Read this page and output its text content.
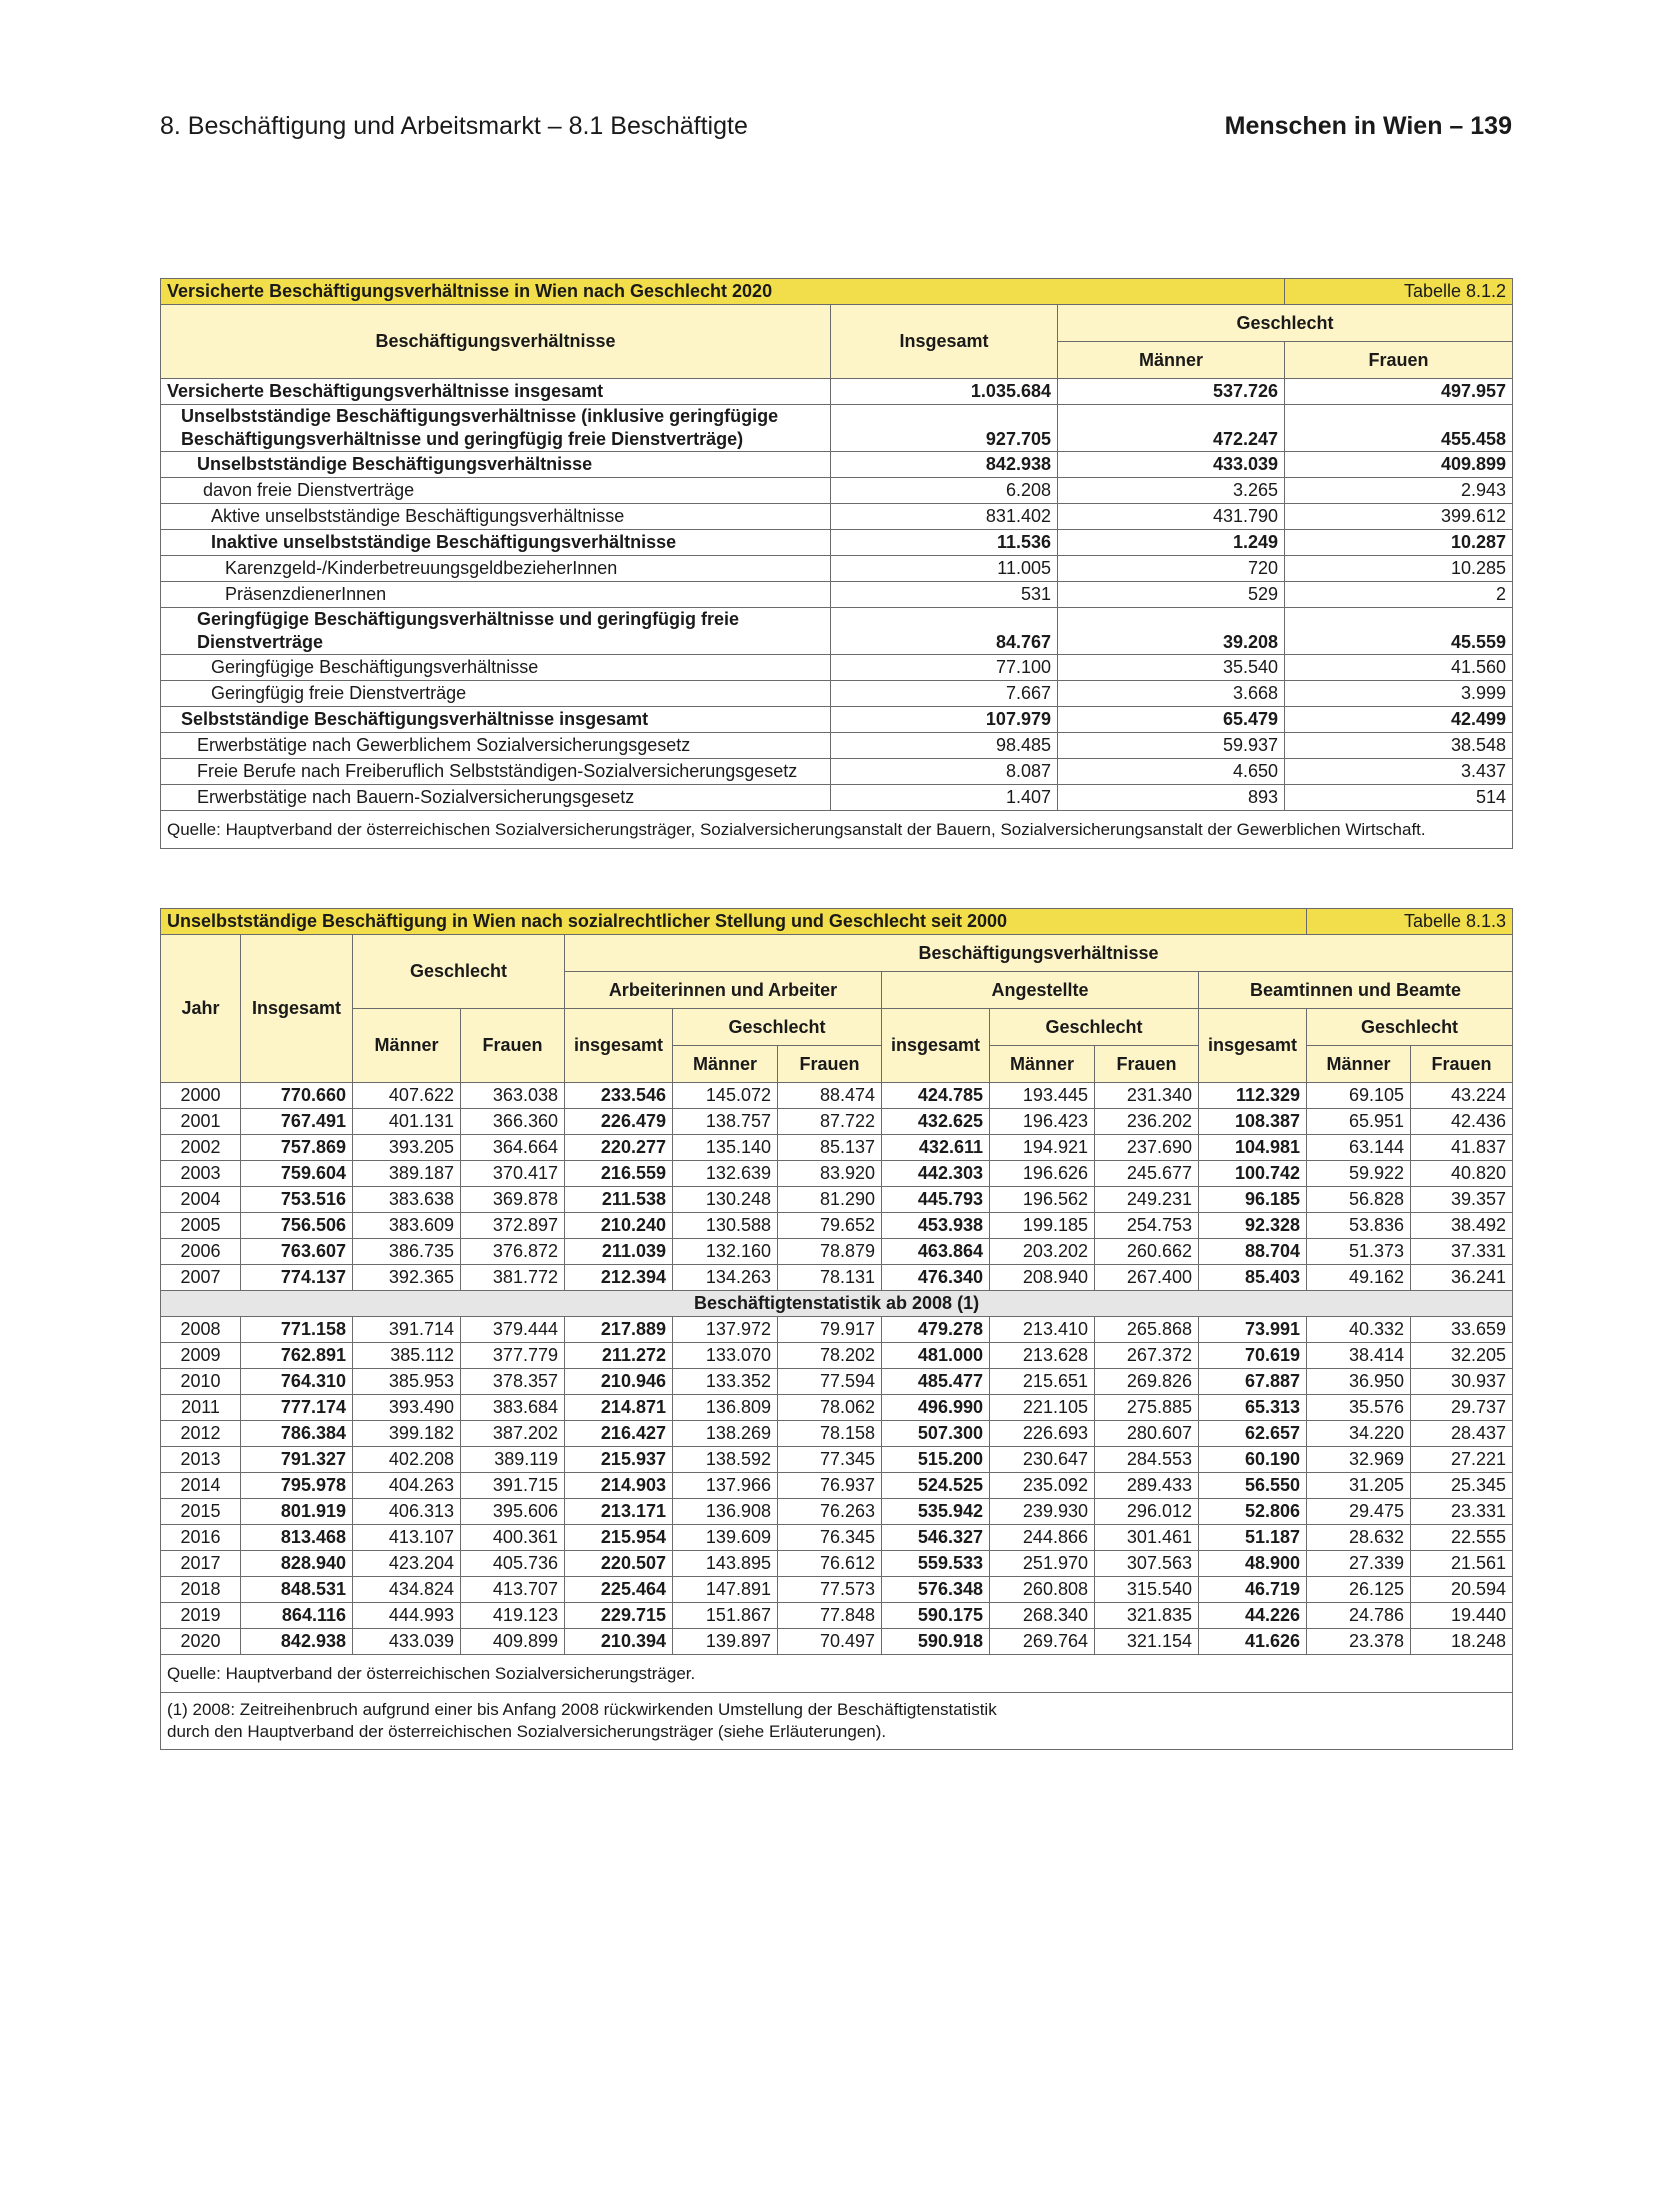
8. Beschäftigung und Arbeitsmarkt – 8.1 Beschäftigte	Menschen in Wien – 139
Versicherte Beschäftigungsverhältnisse in Wien nach Geschlecht 2020			Tabelle 8.1.2
Beschäftigungsverhältnisse	Insgesamt	Geschlecht	
		Männer	Frauen
Versicherte Beschäftigungsverhältnisse insgesamt	1.035.684	537.726	497.957
Unselbstständige Beschäftigungsverhältnisse (inklusive geringfügige Beschäftigungsverhältnisse und geringfügig freie Dienstverträge)	927.705	472.247	455.458
Unselbstständige Beschäftigungsverhältnisse	842.938	433.039	409.899
davon freie Dienstverträge	6.208	3.265	2.943
Aktive unselbstständige Beschäftigungsverhältnisse	831.402	431.790	399.612
Inaktive unselbstständige Beschäftigungsverhältnisse	11.536	1.249	10.287
Karenzgeld-/KinderbetreuungsgeldbezieherInnen	11.005	720	10.285
PräsenzdienerInnen	531	529	2
Geringfügige Beschäftigungsverhältnisse und geringfügig freie Dienstverträge	84.767	39.208	45.559
Geringfügige Beschäftigungsverhältnisse	77.100	35.540	41.560
Geringfügig freie Dienstverträge	7.667	3.668	3.999
Selbstständige Beschäftigungsverhältnisse insgesamt	107.979	65.479	42.499
Erwerbstätige nach Gewerblichem Sozialversicherungsgesetz	98.485	59.937	38.548
Freie Berufe nach Freiberuflich Selbstständigen-Sozialversicherungsgesetz	8.087	4.650	3.437
Erwerbstätige nach Bauern-Sozialversicherungsgesetz	1.407	893	514
Quelle: Hauptverband der österreichischen Sozialversicherungsträger, Sozialversicherungsanstalt der Bauern, Sozialversicherungsanstalt der Gewerblichen Wirtschaft.			
Unselbstständige Beschäftigung in Wien nach sozialrechtlicher Stellung und Geschlecht seit 2000											Tabelle 8.1.3	
Jahr	Insgesamt	Geschlecht		Beschäftigungsverhältnisse								
				Arbeiterinnen und Arbeiter			Angestellte			Beamtinnen und Beamte		
		Männer	Frauen	insgesamt	Geschlecht		insgesamt	Geschlecht		insgesamt	Geschlecht	
					Männer	Frauen		Männer	Frauen		Männer	Frauen
2000	770.660	407.622	363.038	233.546	145.072	88.474	424.785	193.445	231.340	112.329	69.105	43.224
2001	767.491	401.131	366.360	226.479	138.757	87.722	432.625	196.423	236.202	108.387	65.951	42.436
2002	757.869	393.205	364.664	220.277	135.140	85.137	432.611	194.921	237.690	104.981	63.144	41.837
2003	759.604	389.187	370.417	216.559	132.639	83.920	442.303	196.626	245.677	100.742	59.922	40.820
2004	753.516	383.638	369.878	211.538	130.248	81.290	445.793	196.562	249.231	96.185	56.828	39.357
2005	756.506	383.609	372.897	210.240	130.588	79.652	453.938	199.185	254.753	92.328	53.836	38.492
2006	763.607	386.735	376.872	211.039	132.160	78.879	463.864	203.202	260.662	88.704	51.373	37.331
2007	774.137	392.365	381.772	212.394	134.263	78.131	476.340	208.940	267.400	85.403	49.162	36.241
Beschäftigtenstatistik ab 2008 (1)												
2008	771.158	391.714	379.444	217.889	137.972	79.917	479.278	213.410	265.868	73.991	40.332	33.659
2009	762.891	385.112	377.779	211.272	133.070	78.202	481.000	213.628	267.372	70.619	38.414	32.205
2010	764.310	385.953	378.357	210.946	133.352	77.594	485.477	215.651	269.826	67.887	36.950	30.937
2011	777.174	393.490	383.684	214.871	136.809	78.062	496.990	221.105	275.885	65.313	35.576	29.737
2012	786.384	399.182	387.202	216.427	138.269	78.158	507.300	226.693	280.607	62.657	34.220	28.437
2013	791.327	402.208	389.119	215.937	138.592	77.345	515.200	230.647	284.553	60.190	32.969	27.221
2014	795.978	404.263	391.715	214.903	137.966	76.937	524.525	235.092	289.433	56.550	31.205	25.345
2015	801.919	406.313	395.606	213.171	136.908	76.263	535.942	239.930	296.012	52.806	29.475	23.331
2016	813.468	413.107	400.361	215.954	139.609	76.345	546.327	244.866	301.461	51.187	28.632	22.555
2017	828.940	423.204	405.736	220.507	143.895	76.612	559.533	251.970	307.563	48.900	27.339	21.561
2018	848.531	434.824	413.707	225.464	147.891	77.573	576.348	260.808	315.540	46.719	26.125	20.594
2019	864.116	444.993	419.123	229.715	151.867	77.848	590.175	268.340	321.835	44.226	24.786	19.440
2020	842.938	433.039	409.899	210.394	139.897	70.497	590.918	269.764	321.154	41.626	23.378	18.248
Quelle: Hauptverband der österreichischen Sozialversicherungsträger.												

(1) 2008: Zeitreihenbruch aufgrund einer bis Anfang 2008 rückwirkenden Umstellung der Beschäftigtenstatistik
durch den Hauptverband der österreichischen Sozialversicherungsträger (siehe Erläuterungen).												
